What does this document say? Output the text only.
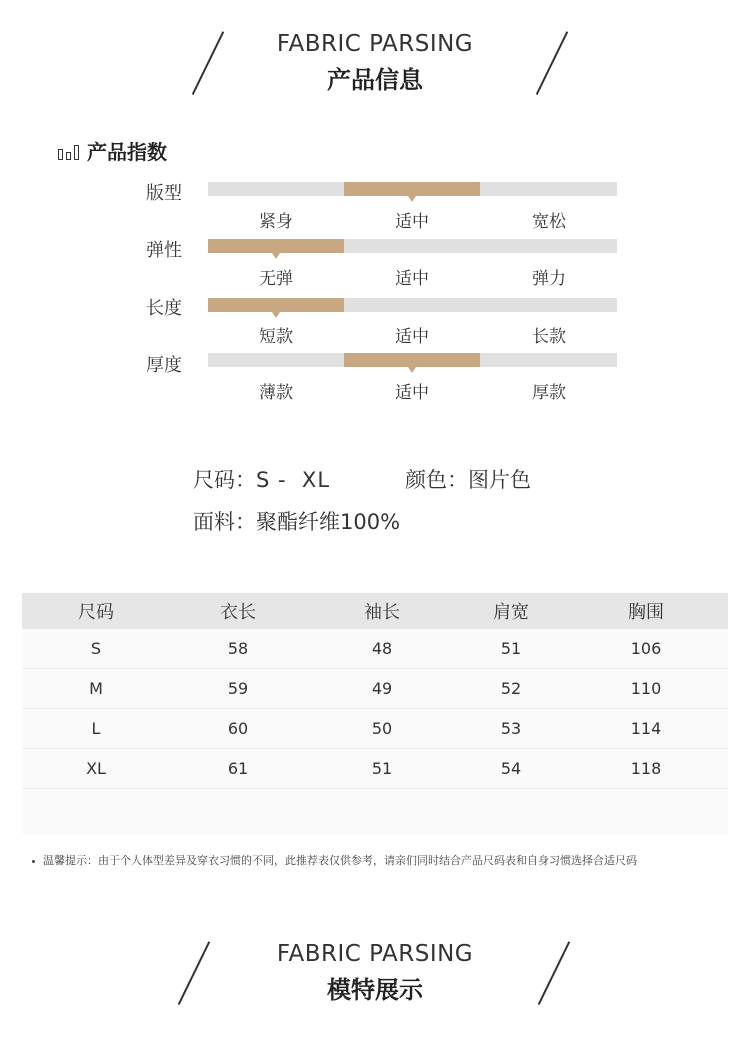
FABRIC PARSING
产品信息
产品指数
版型
紧身	适中	宽松
弹性
无弹	适中	弹力
长度
短款	适中	长款
厚度
薄款	适中	厚款
尺码：S -  XL	颜色：图片色
面料：聚酯纤维100%
尺码	衣长	袖长	肩宽	胸围
S	58	48	51	106
M	59	49	52	110
L	60	50	53	114
XL	61	51	54	118
温馨提示：由于个人体型差异及穿衣习惯的不同，此推荐表仅供参考，请亲们同时结合产品尺码表和自身习惯选择合适尺码
FABRIC PARSING
模特展示
